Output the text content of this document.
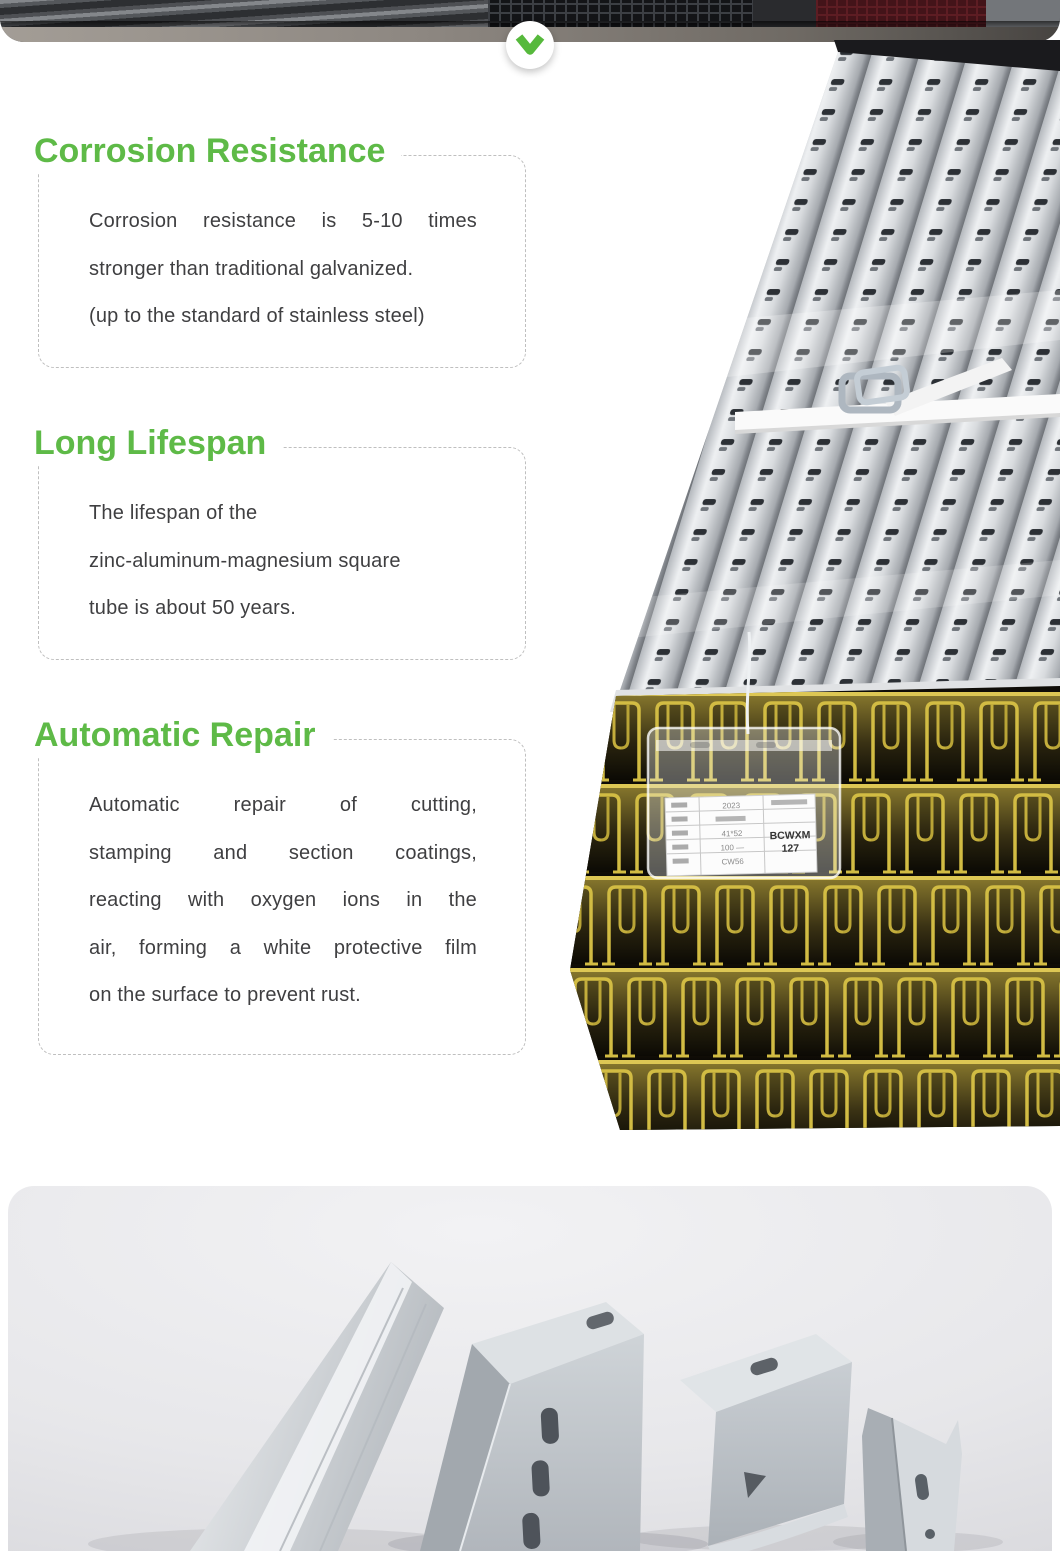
Corrosion Resistance
Corrosion resistance is 5-10 times
stronger than traditional galvanized.
(up to the standard of stainless steel)
Long Lifespan
The lifespan of the
zinc-aluminum-magnesium square
tube is about 50 years.
Automatic Repair
Automatic repair of cutting,
stamping and section coatings,
reacting with oxygen ions in the
air, forming a white protective film
on the surface to prevent rust.
2023
41*52
100 —
CW56
BCWXM
127
